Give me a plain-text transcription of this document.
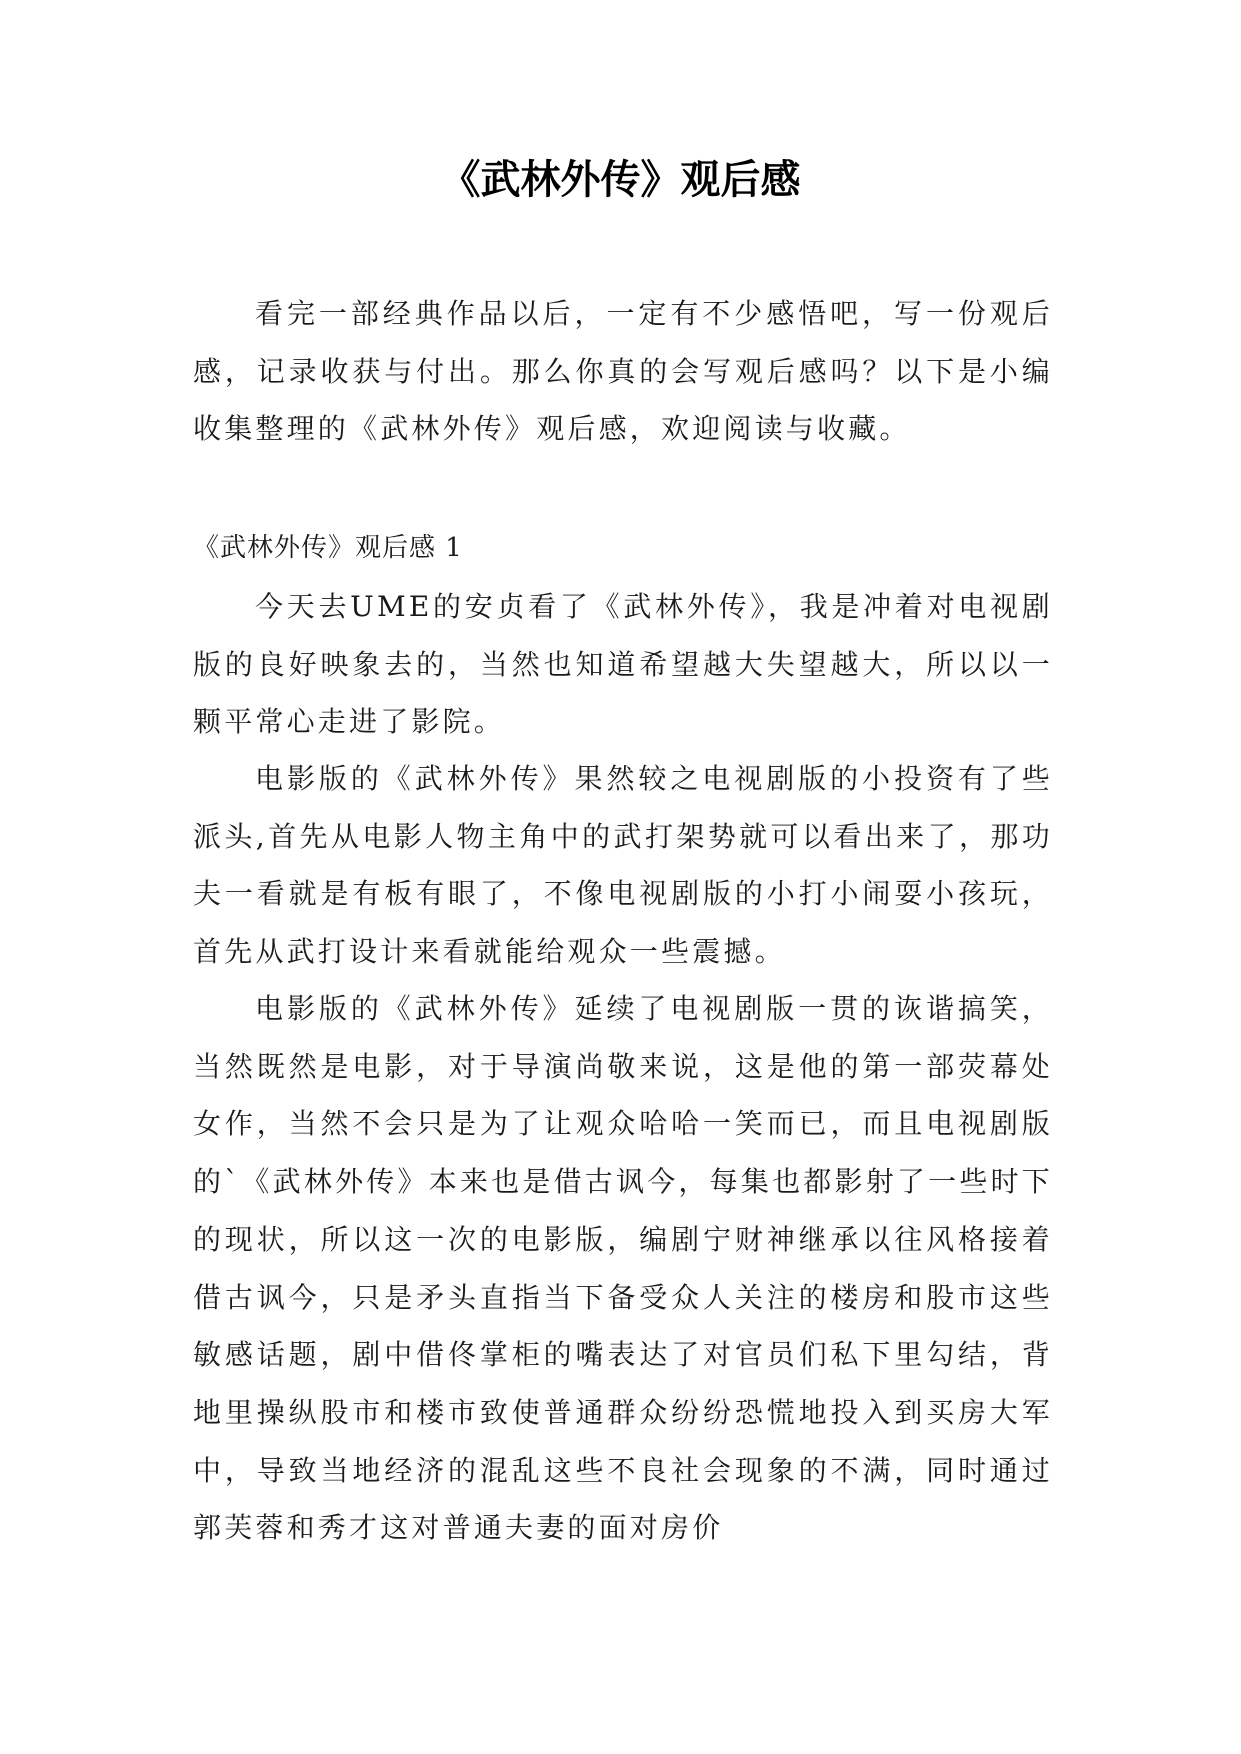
《武林外传》观后感

看完一部经典作品以后，一定有不少感悟吧，写一份观后感，记录收获与付出。那么你真的会写观后感吗？以下是小编收集整理的《武林外传》观后感，欢迎阅读与收藏。

《武林外传》观后感 1

今天去UME的安贞看了《武林外传》，我是冲着对电视剧版的良好映象去的，当然也知道希望越大失望越大，所以以一颗平常心走进了影院。

电影版的《武林外传》果然较之电视剧版的小投资有了些派头,首先从电影人物主角中的武打架势就可以看出来了，那功夫一看就是有板有眼了，不像电视剧版的小打小闹耍小孩玩，首先从武打设计来看就能给观众一些震撼。

电影版的《武林外传》延续了电视剧版一贯的诙谐搞笑，当然既然是电影，对于导演尚敬来说，这是他的第一部荧幕处女作，当然不会只是为了让观众哈哈一笑而已，而且电视剧版的`《武林外传》本来也是借古讽今，每集也都影射了一些时下的现状，所以这一次的电影版，编剧宁财神继承以往风格接着借古讽今，只是矛头直指当下备受众人关注的楼房和股市这些敏感话题，剧中借佟掌柜的嘴表达了对官员们私下里勾结，背地里操纵股市和楼市致使普通群众纷纷恐慌地投入到买房大军中，导致当地经济的混乱这些不良社会现象的不满，同时通过郭芙蓉和秀才这对普通夫妻的面对房价
